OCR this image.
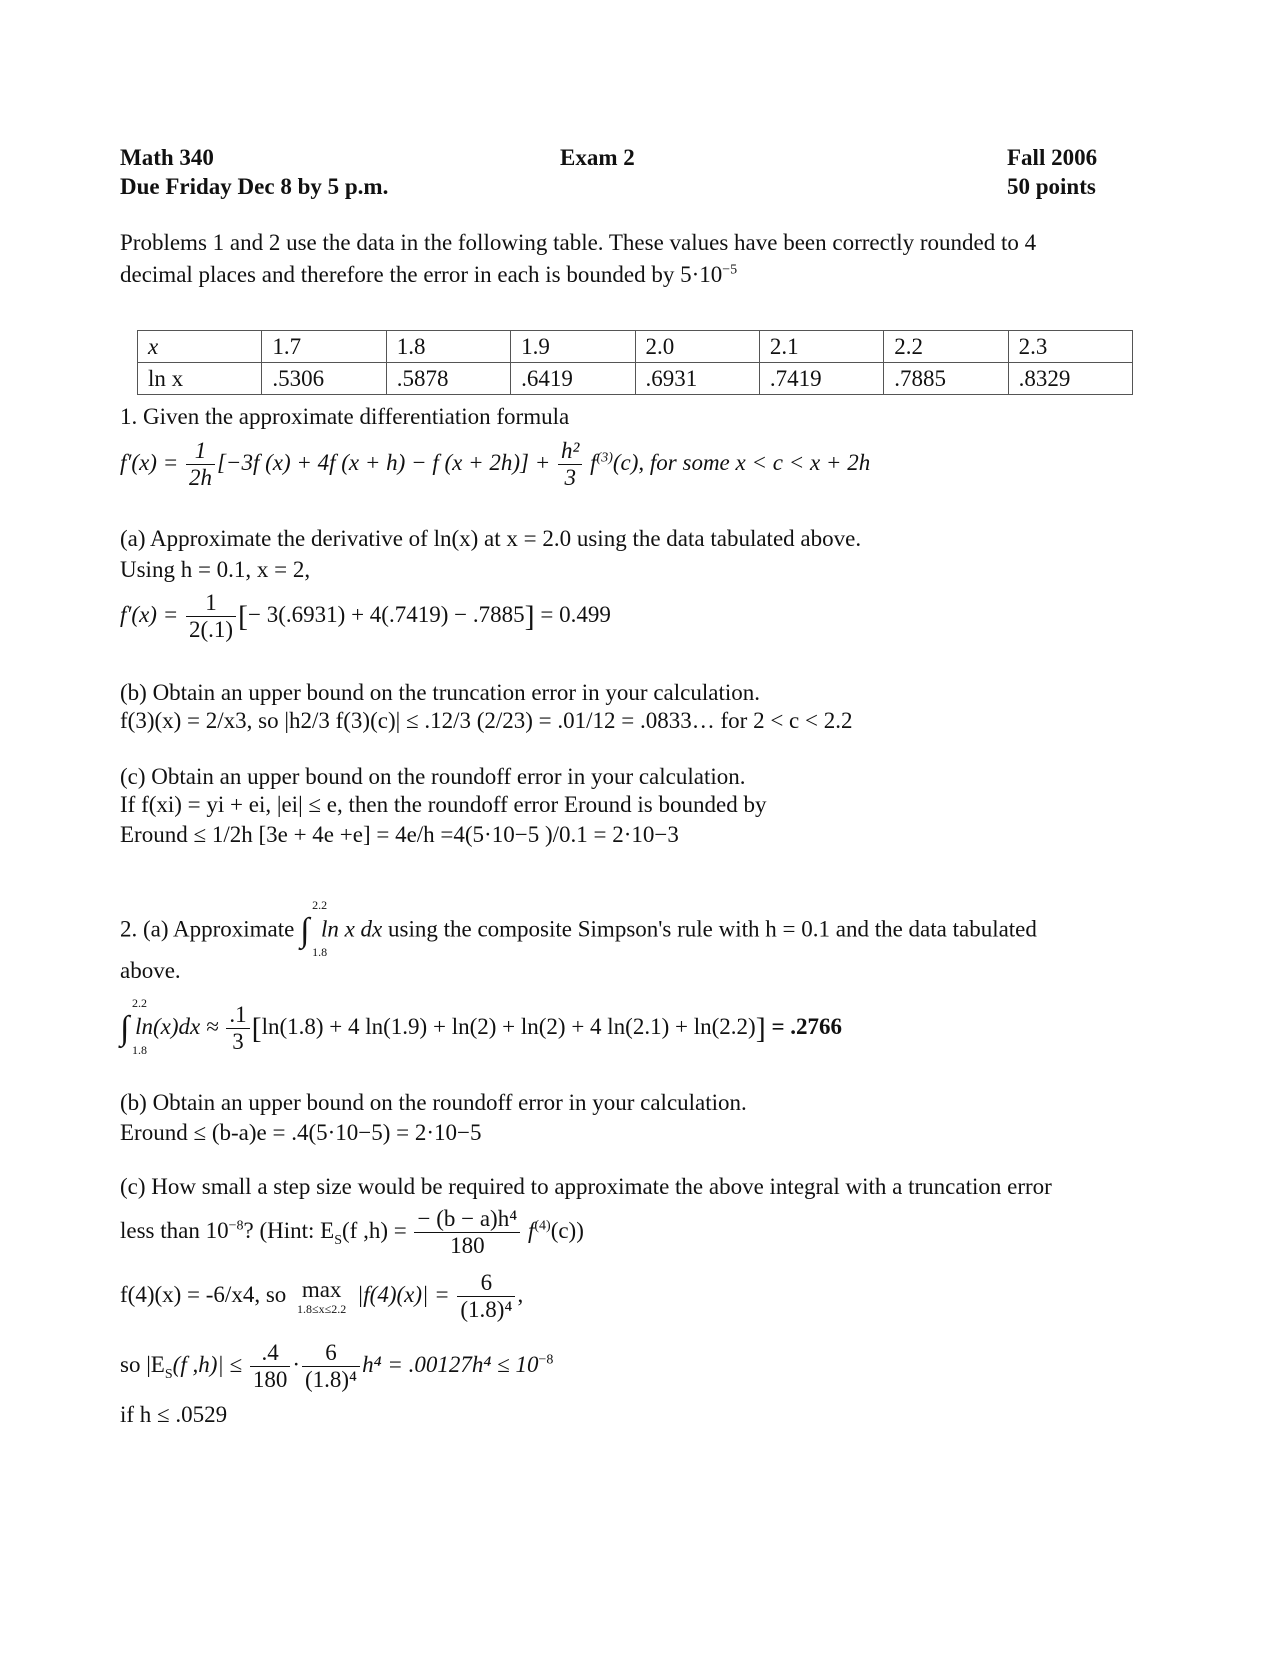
Math 340	Exam 2	Fall 2006
Due Friday Dec 8 by 5 p.m.	50 points
Problems 1 and 2 use the data in the following table. These values have been correctly rounded to 4
decimal places and therefore the error in each is bounded by $5\cdot 10^{-5}$
x	1.7	1.8	1.9	2.0	2.1	2.2	2.3
ln x	.5306	.5878	.6419	.6931	.7419	.7885	.8329
1. Given the approximate differentiation formula
$f'(x) = \frac{1}{2h} [-3f$ (x) + 4f (x + h) − f $(x + 2h)] + \frac{\text{h²}}{3} f^{(3)}(c)$, for some x < c < x + 2h
(a) Approximate the derivative of ln(x) at x = 2.0 using the data tabulated above.
Using h = 0.1, x = 2,
$f'(x) = \frac{1}{2(.1)}$ [− 3(.6931) + 4(.7419) − .7885] = 0.499
(b) Obtain an upper bound on the truncation error in your calculation.
f(3)(x) = 2/x3, so |h2/3 f(3)(c)| ≤ .12/3 (2/23) = .01/12 = .0833… for 2 < c < 2.2
(c) Obtain an upper bound on the roundoff error in your calculation.
If f(xi) = yi + ei, |ei| ≤ e, then the roundoff error Eround is bounded by
Eround ≤ 1/2h [3e + 4e +e] = 4e/h =4(5·10−5 )/0.1 = 2·10−3
2. (a) Approximate ∫
2.2
1.8
ln x dx using the composite Simpson's rule with h = 0.1 and the data tabulated
above.
∫
2.2
1.8
$\ln(x)dx \approx \frac{.1}{3} [\ln(1.8) + 4$ ln(1.9) + ln(2) + ln(2) + 4 ln(2.1) + ln(2.2)] = .2766
(b) Obtain an upper bound on the roundoff error in your calculation.
Eround ≤ (b-a)e = .4(5·10−5) = 2·10−5
(c) How small a step size would be required to approximate the above integral with a truncation error
less than $10^{-8}$? (Hint: $E_S(f$ $,h) = \frac{\text{− (b − a)h⁴}}{180} f^{(4)}(c)$)
f(4)(x) = -6/x4, so max
1.8≤x≤2.2
$|f(4)(x)| = \frac{6}{\text{(1.8)⁴}}$ ,
so $|E_S(f$ $,h)| \le \frac{.4}{180} \cdot \frac{6}{\text{(1.8)⁴}} h^4 = .00127h^4 \le 10^{-8}$
if h ≤ .0529
